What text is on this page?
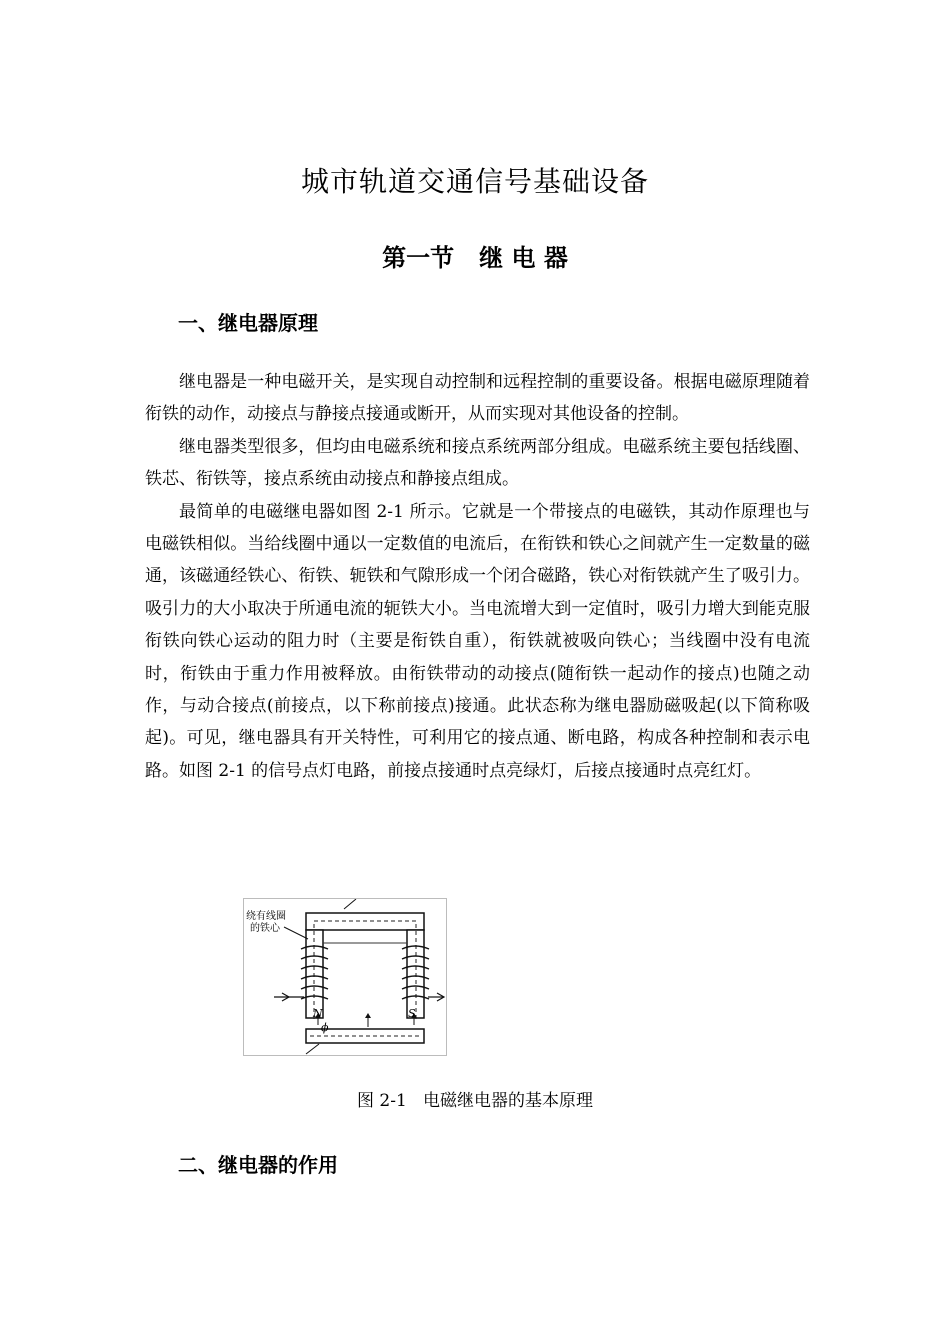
城市轨道交通信号基础设备
第一节   继 电 器
一、继电器原理

继电器是一种电磁开关，是实现自动控制和远程控制的重要设备。根据电磁原理随着衔铁的动作，动接点与静接点接通或断开，从而实现对其他设备的控制。

继电器类型很多，但均由电磁系统和接点系统两部分组成。电磁系统主要包括线圈、铁芯、衔铁等，接点系统由动接点和静接点组成。

最简单的电磁继电器如图 2-1 所示。它就是一个带接点的电磁铁，其动作原理也与电磁铁相似。当给线圈中通以一定数值的电流后，在衔铁和铁心之间就产生一定数量的磁通，该磁通经铁心、衔铁、轭铁和气隙形成一个闭合磁路，铁心对衔铁就产生了吸引力。吸引力的大小取决于所通电流的轭铁大小。当电流增大到一定值时，吸引力增大到能克服衔铁向铁心运动的阻力时（主要是衔铁自重），衔铁就被吸向铁心；当线圈中没有电流时，衔铁由于重力作用被释放。由衔铁带动的动接点(随衔铁一起动作的接点)也随之动作，与动合接点(前接点，以下称前接点)接通。此状态称为继电器励磁吸起(以下简称吸起)。可见，继电器具有开关特性，可利用它的接点通、断电路，构成各种控制和表示电路。如图 2-1 的信号点灯电路，前接点接通时点亮绿灯，后接点接通时点亮红灯。

绕有线圈
的铁心
N	S
ϕ
图 2-1   电磁继电器的基本原理
二、继电器的作用
